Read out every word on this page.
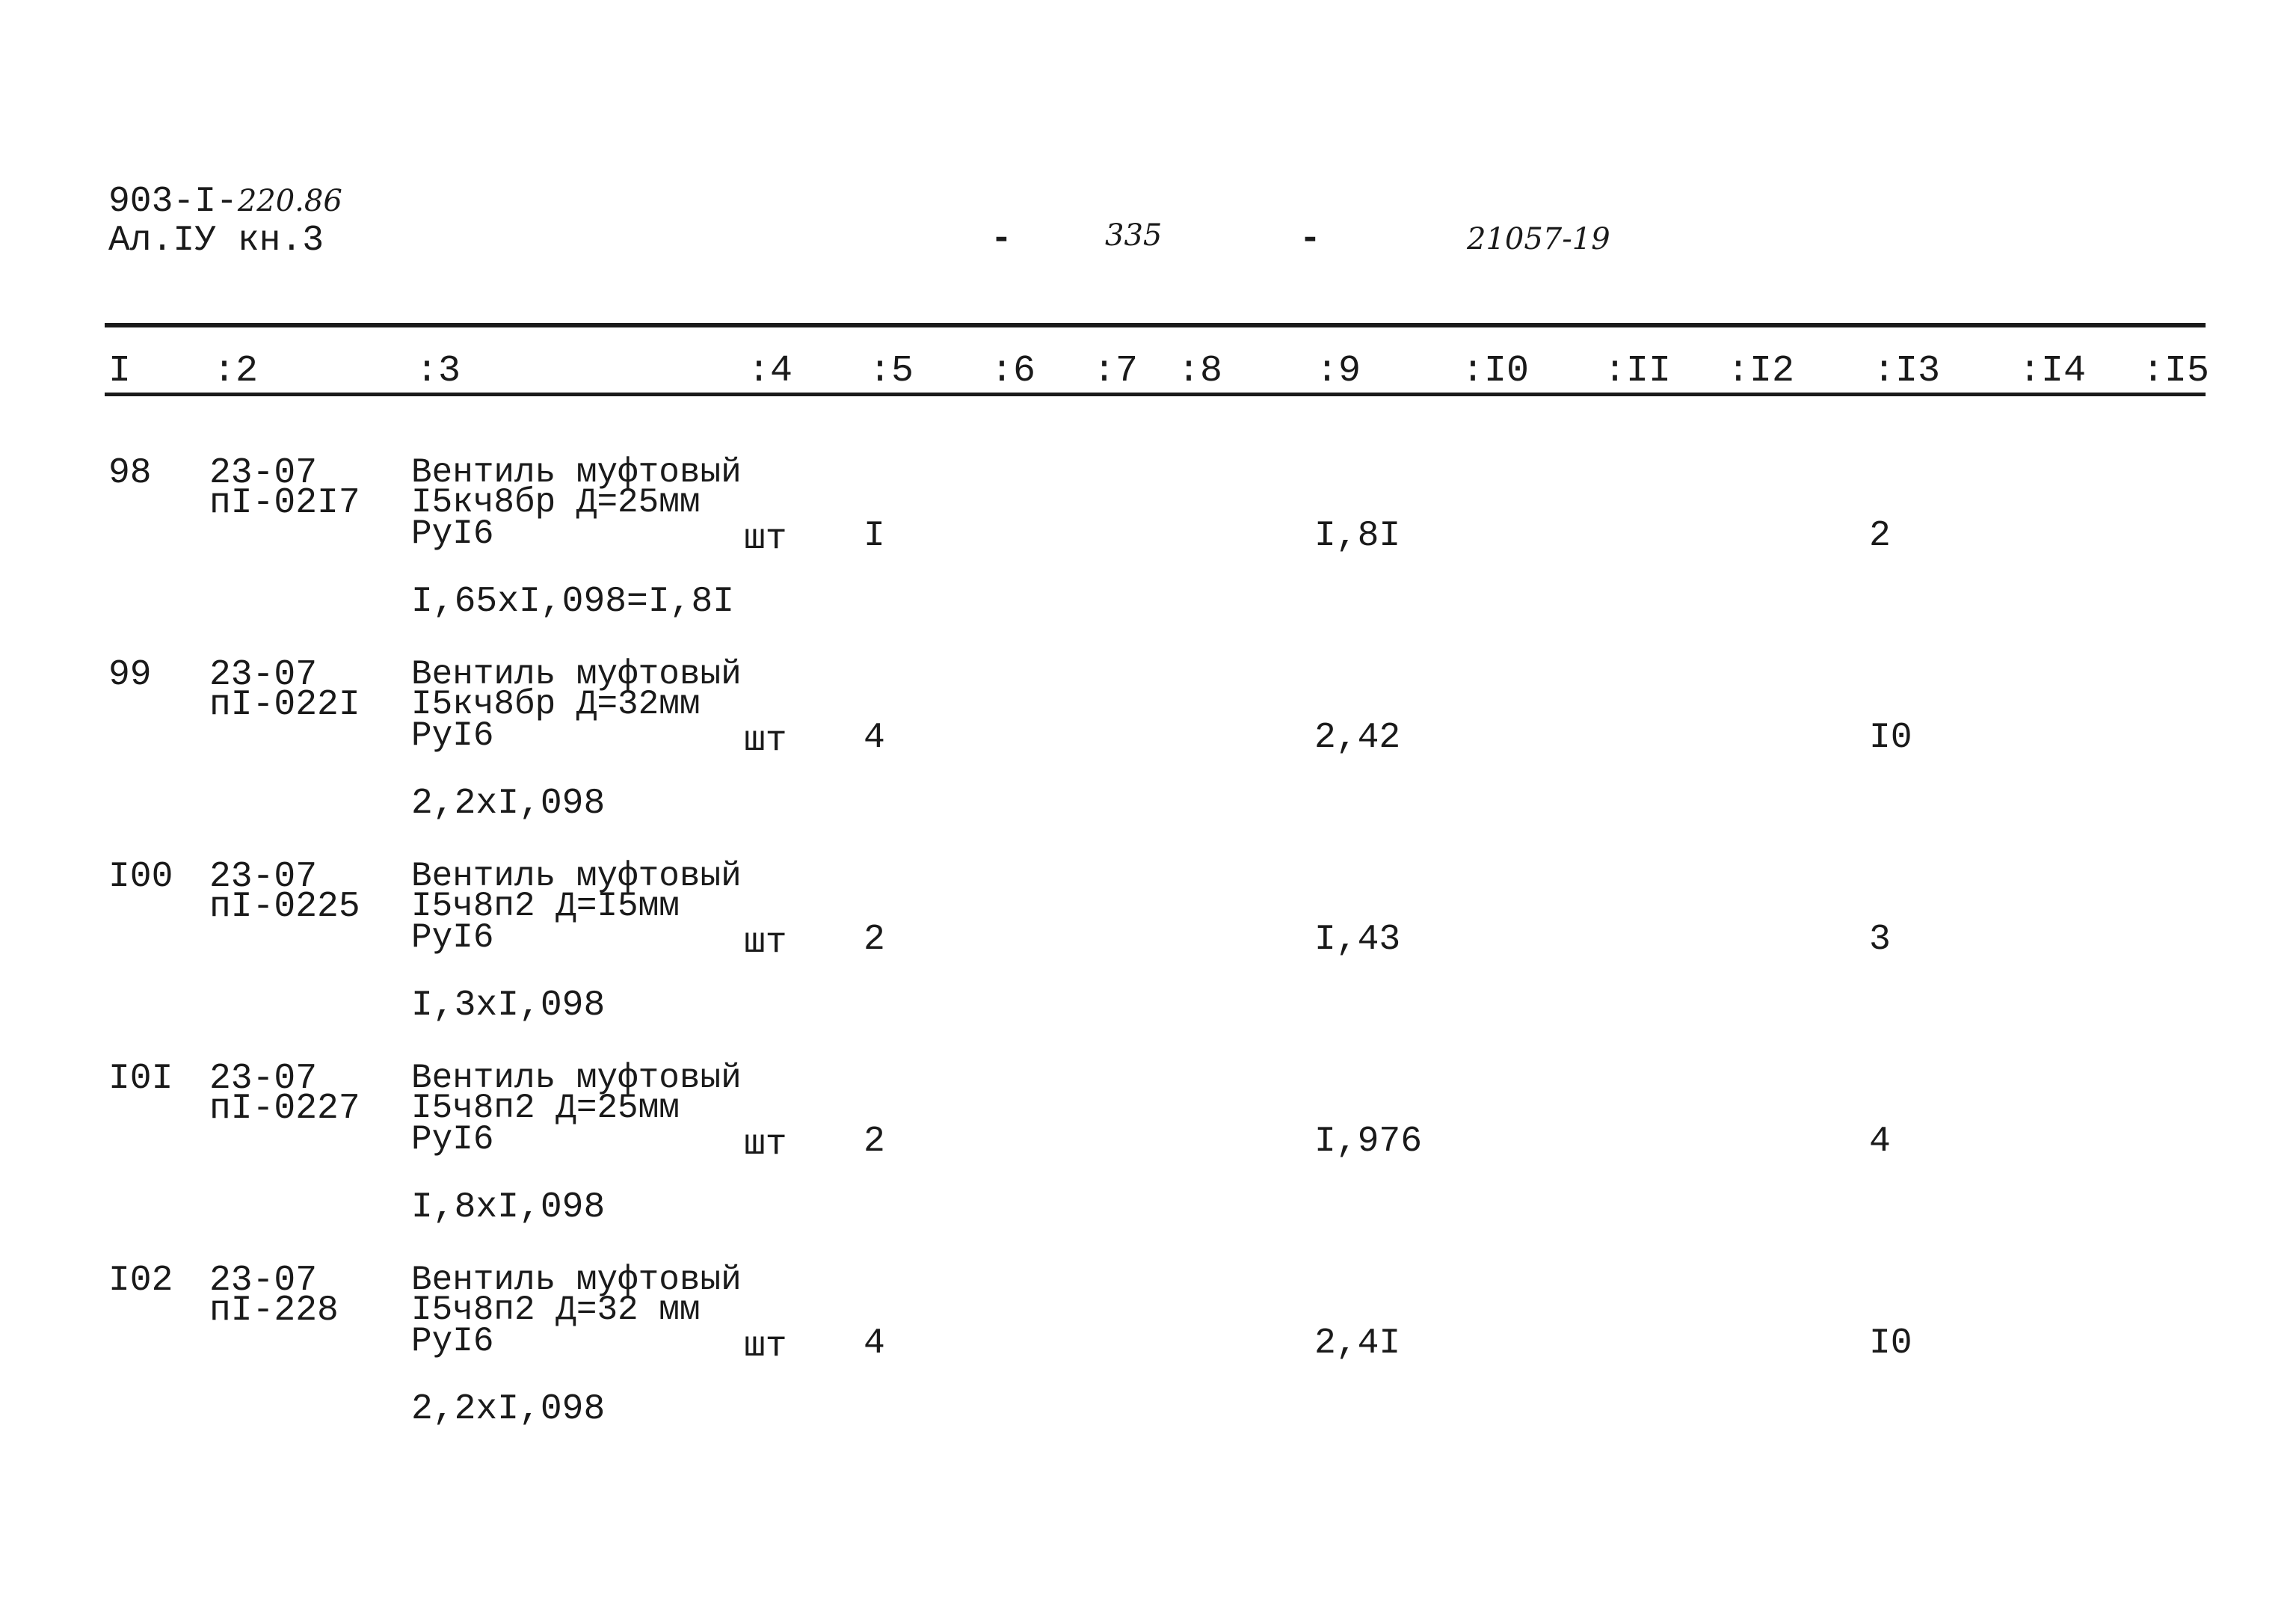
903-I-220.86
Ал.IУ кн.3	-	335	-	21057-19
I :2	:3	:4 :5 :6 :7 :8 :9	:I0 :II :I2 :I3 :I4 :I5
98 23-07
пI-02I7
Вентиль муфтовый
I5кч8бр Д=25мм
PyI6	шт I	I,8I	2
I,65xI,098=I,8I
99 23-07
пI-022I
Вентиль муфтовый
I5кч8бр Д=32мм
PyI6	шт 4	2,42	I0
2,2xI,098
I00 23-07
пI-0225
Вентиль муфтовый
I5ч8п2 Д=I5мм
PyI6	шт 2	I,43	3
I,3xI,098
I0I 23-07
пI-0227
Вентиль муфтовый
I5ч8п2 Д=25мм
PyI6	шт 2	I,976	4
I,8xI,098
I02 23-07
пI-228
Вентиль муфтовый
I5ч8п2 Д=32 мм
PyI6	шт 4	2,4I	I0
2,2xI,098
